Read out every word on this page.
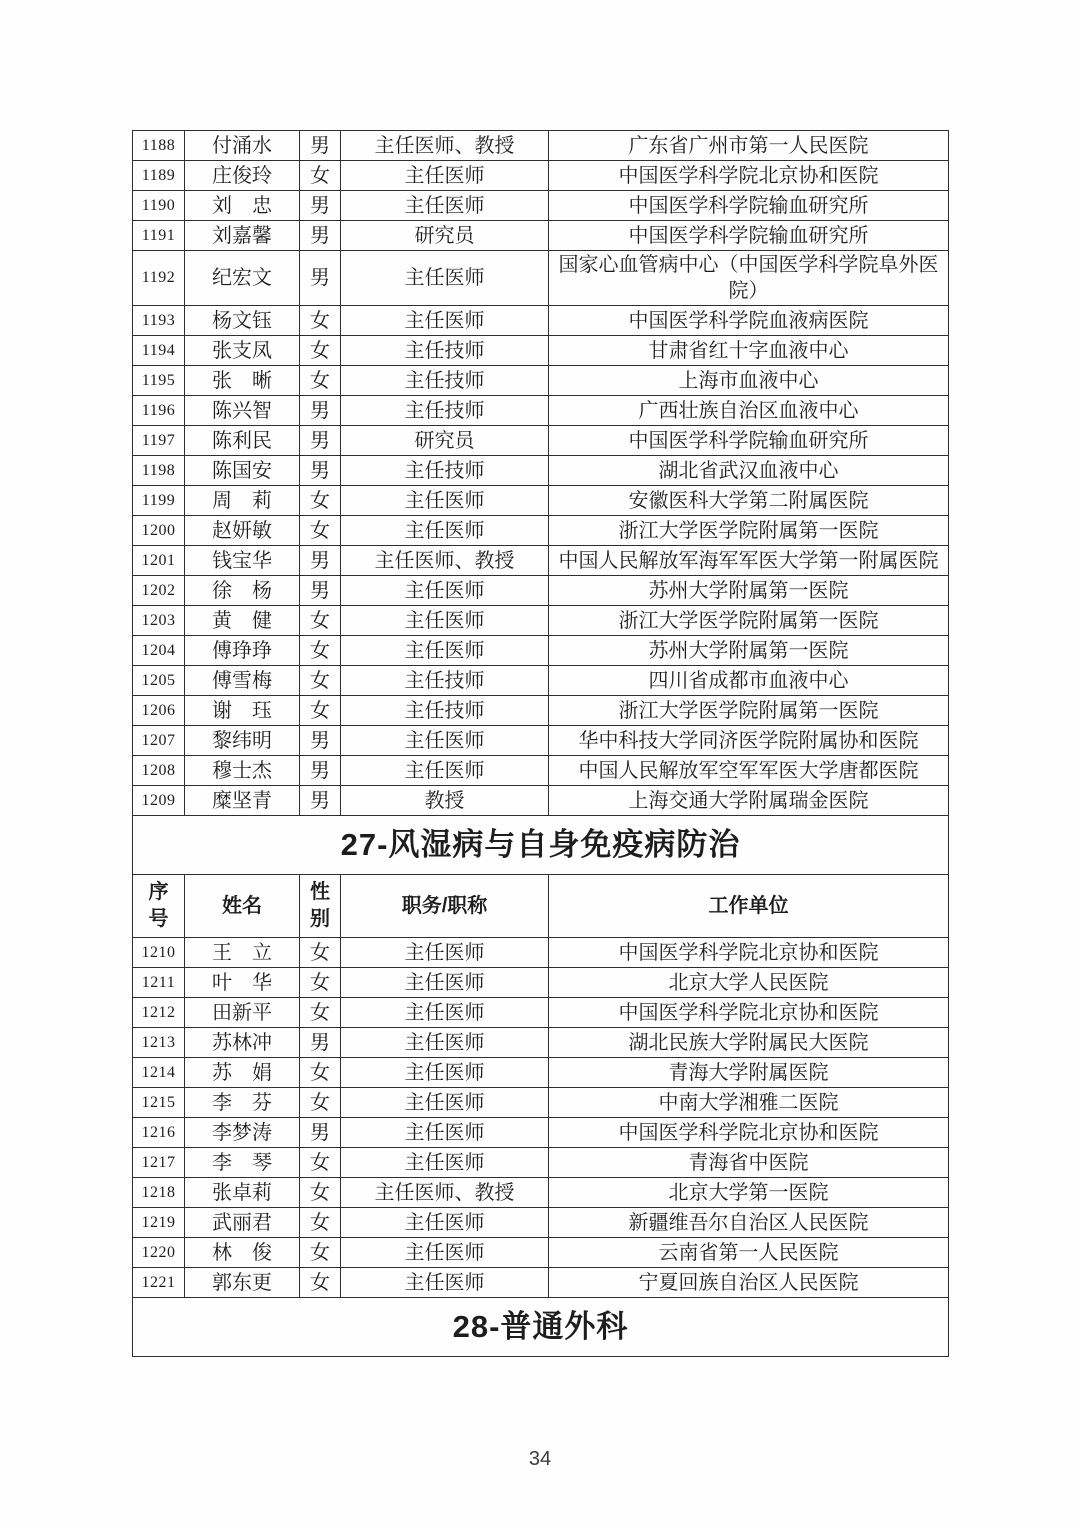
1188	付涌水	男	主任医师、教授	广东省广州市第一人民医院
1189	庄俊玲	女	主任医师	中国医学科学院北京协和医院
1190	刘　忠	男	主任医师	中国医学科学院输血研究所
1191	刘嘉馨	男	研究员	中国医学科学院输血研究所
1192	纪宏文	男	主任医师	国家心血管病中心（中国医学科学院阜外医院）
1193	杨文钰	女	主任医师	中国医学科学院血液病医院
1194	张支凤	女	主任技师	甘肃省红十字血液中心
1195	张　晰	女	主任技师	上海市血液中心
1196	陈兴智	男	主任技师	广西壮族自治区血液中心
1197	陈利民	男	研究员	中国医学科学院输血研究所
1198	陈国安	男	主任技师	湖北省武汉血液中心
1199	周　莉	女	主任医师	安徽医科大学第二附属医院
1200	赵妍敏	女	主任医师	浙江大学医学院附属第一医院
1201	钱宝华	男	主任医师、教授	中国人民解放军海军军医大学第一附属医院
1202	徐　杨	男	主任医师	苏州大学附属第一医院
1203	黄　健	女	主任医师	浙江大学医学院附属第一医院
1204	傅琤琤	女	主任医师	苏州大学附属第一医院
1205	傅雪梅	女	主任技师	四川省成都市血液中心
1206	谢　珏	女	主任技师	浙江大学医学院附属第一医院
1207	黎纬明	男	主任医师	华中科技大学同济医学院附属协和医院
1208	穆士杰	男	主任医师	中国人民解放军空军军医大学唐都医院
1209	糜坚青	男	教授	上海交通大学附属瑞金医院
27-风湿病与自身免疫病防治				
序号	姓名	性别	职务/职称	工作单位
1210	王　立	女	主任医师	中国医学科学院北京协和医院
1211	叶　华	女	主任医师	北京大学人民医院
1212	田新平	女	主任医师	中国医学科学院北京协和医院
1213	苏林冲	男	主任医师	湖北民族大学附属民大医院
1214	苏　娟	女	主任医师	青海大学附属医院
1215	李　芬	女	主任医师	中南大学湘雅二医院
1216	李梦涛	男	主任医师	中国医学科学院北京协和医院
1217	李　琴	女	主任医师	青海省中医院
1218	张卓莉	女	主任医师、教授	北京大学第一医院
1219	武丽君	女	主任医师	新疆维吾尔自治区人民医院
1220	林　俊	女	主任医师	云南省第一人民医院
1221	郭东更	女	主任医师	宁夏回族自治区人民医院
28-普通外科				
34
